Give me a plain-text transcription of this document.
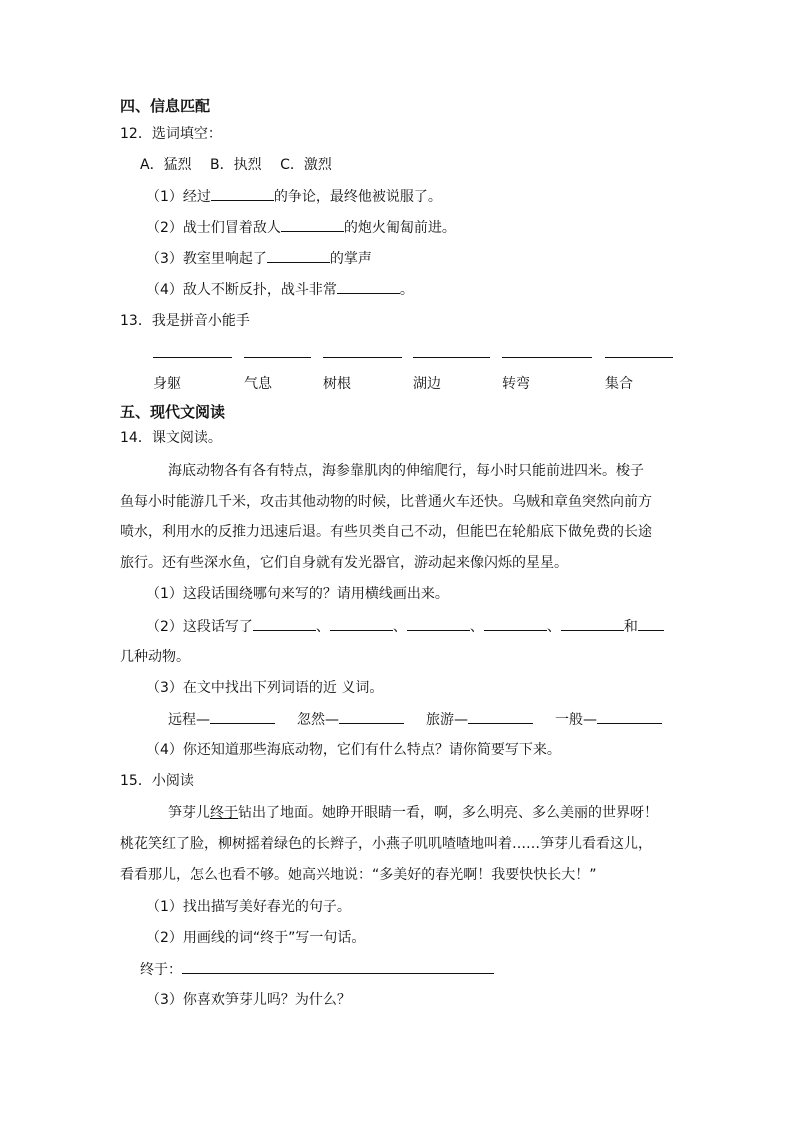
四、信息匹配
12．选词填空：
A．猛烈　 B．执烈　 C．激烈
（1）经过	的争论，最终他被说服了。
（2）战士们冒着敌人	的炮火匍匐前进。
（3）教室里响起了	的掌声
（4）敌人不断反扑，战斗非常	。
13．我是拼音小能手
身躯	气息	树根	湖边	转弯	集合
五、现代文阅读
14．课文阅读。
海底动物各有各有特点，海参靠肌肉的伸缩爬行，每小时只能前进四米。梭子
鱼每小时能游几千米，攻击其他动物的时候，比普通火车还快。乌贼和章鱼突然向前方
喷水，利用水的反推力迅速后退。有些贝类自己不动，但能巴在轮船底下做免费的长途
旅行。还有些深水鱼，它们自身就有发光器官，游动起来像闪烁的星星。
（1）这段话围绕哪句来写的？请用横线画出来。
（2）这段话写了	、	、	、	、	和
几种动物。
（3）在文中找出下列词语的近 义词。
远程—	忽然—	旅游—	一般—
（4）你还知道那些海底动物，它们有什么特点？请你简要写下来。
15．小阅读
笋芽儿终于钻出了地面。她睁开眼睛一看，啊，多么明亮、多么美丽的世界呀！
桃花笑红了脸，柳树摇着绿色的长辫子，小燕子叽叽喳喳地叫着……笋芽儿看看这儿，
看看那儿，怎么也看不够。她高兴地说：“多美好的春光啊！我要快快长大！”
（1）找出描写美好春光的句子。
（2）用画线的词“终于”写一句话。
终于：
（3）你喜欢笋芽儿吗？为什么？
